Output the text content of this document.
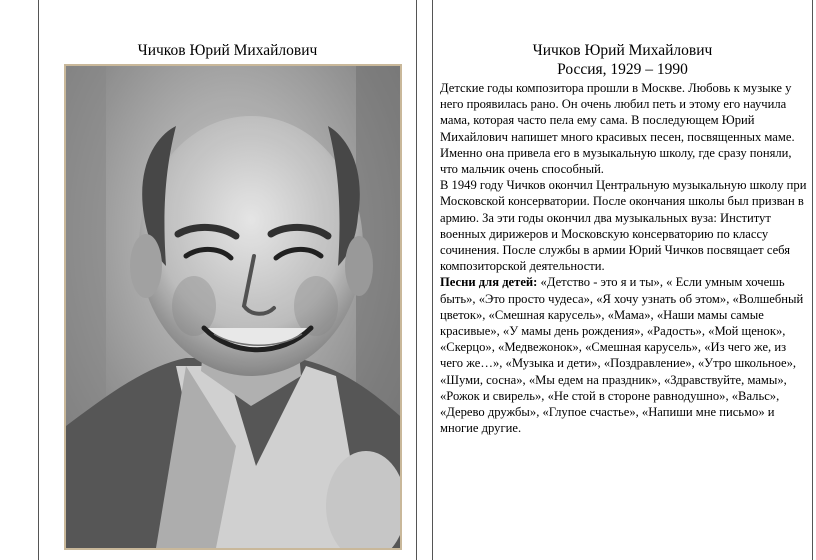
Чичков Юрий Михайлович	Чичков Юрий Михайлович
Россия, 1929 – 1990

Детские годы композитора прошли в Москве. Любовь к музыке у него проявилась рано. Он очень любил петь и этому его научила мама, которая часто пела ему сама. В последующем Юрий Михайлович напишет много красивых песен, посвященных маме. Именно она привела его в музыкальную школу, где сразу поняли, что мальчик очень способный.

В 1949 году Чичков окончил Центральную музыкальную школу при Московской консерватории. После окончания школы был призван в армию. За эти годы окончил два музыкальных вуза: Институт военных дирижеров и Московскую консерваторию по классу сочинения. После службы в армии Юрий Чичков посвящает себя композиторской деятельности.

Песни для детей: «Детство - это я и ты», « Если умным хочешь быть», «Это просто чудеса», «Я хочу узнать об этом», «Волшебный цветок», «Смешная карусель», «Мама», «Наши мамы самые красивые», «У мамы день рождения», «Радость», «Мой щенок», «Скерцо», «Медвежонок», «Смешная карусель», «Из чего же, из чего же…», «Музыка и дети», «Поздравление», «Утро школьное», «Шуми, сосна», «Мы едем на праздник», «Здравствуйте, мамы», «Рожок и свирель», «Не стой в стороне равнодушно», «Вальс», «Дерево дружбы», «Глупое счастье», «Напиши мне письмо» и многие другие.
